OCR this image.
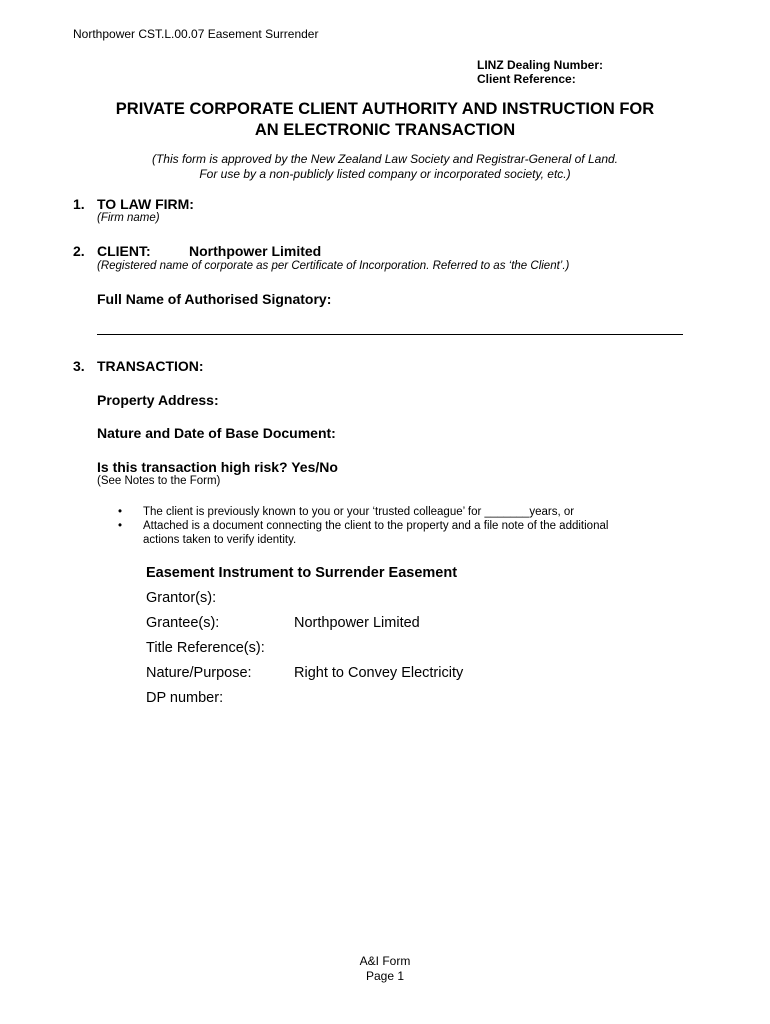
Northpower CST.L.00.07 Easement Surrender
LINZ Dealing Number:
Client Reference:
PRIVATE CORPORATE CLIENT AUTHORITY AND INSTRUCTION FOR
AN ELECTRONIC TRANSACTION
(This form is approved by the New Zealand Law Society and Registrar-General of Land.
For use by a non-publicly listed company or incorporated society, etc.)
1. TO LAW FIRM:
(Firm name)
2. CLIENT:	Northpower Limited
(Registered name of corporate as per Certificate of Incorporation. Referred to as ‘the Client’.)
Full Name of Authorised Signatory:
3. TRANSACTION:
Property Address:
Nature and Date of Base Document:
Is this transaction high risk? Yes/No
(See Notes to the Form)
• The client is previously known to you or your ‘trusted colleague’ for _______years, or
• Attached is a document connecting the client to the property and a file note of the additional
actions taken to verify identity.
Easement Instrument to Surrender Easement
Grantor(s):
Grantee(s):	Northpower Limited
Title Reference(s):
Nature/Purpose:	Right to Convey Electricity
DP number:
A&I Form
Page 1
